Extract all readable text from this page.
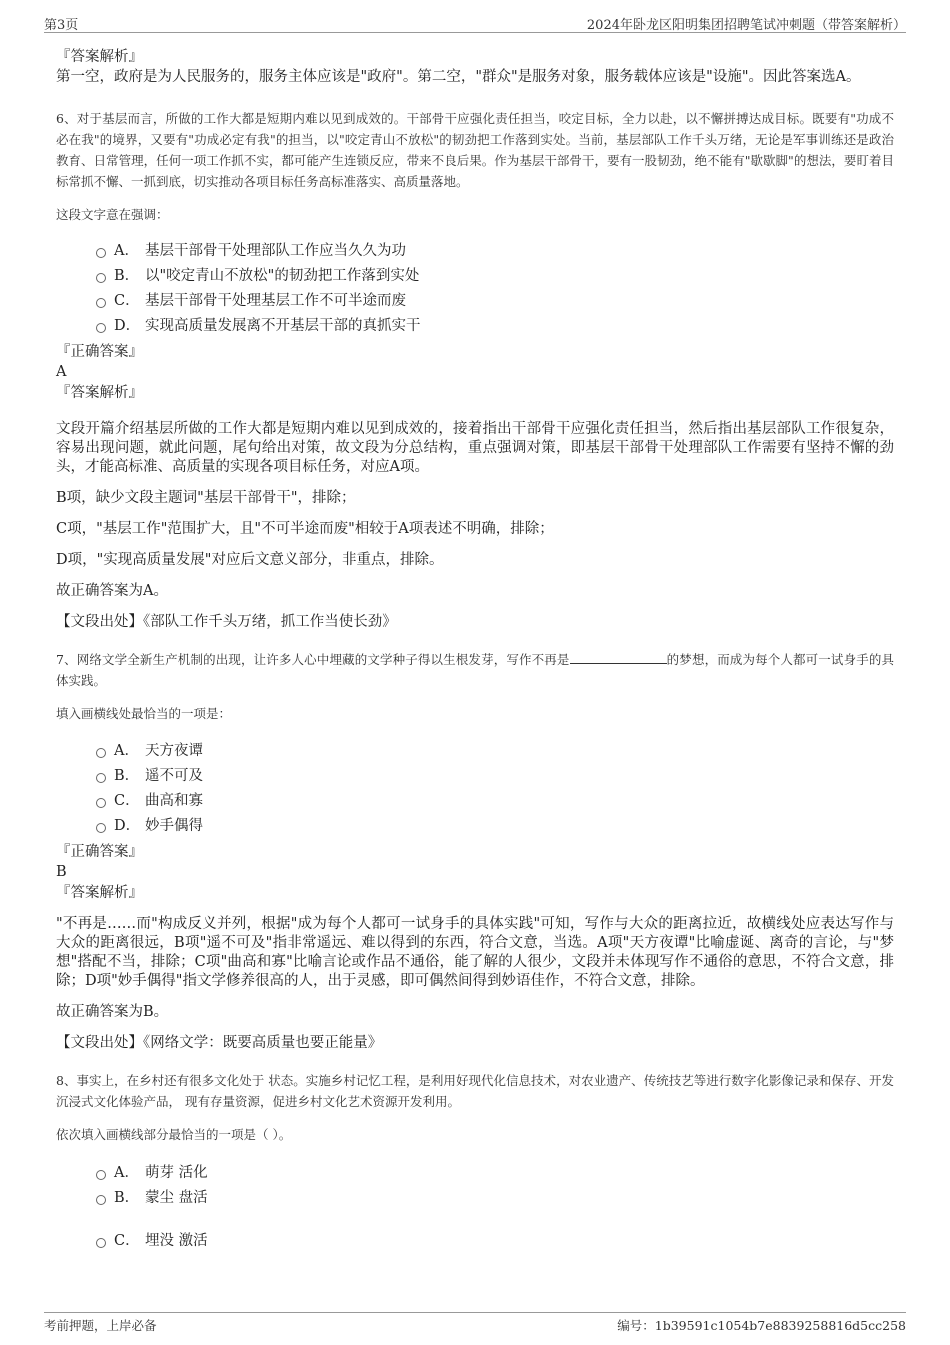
第3页	2024年卧龙区阳明集团招聘笔试冲刺题（带答案解析）
『答案解析』
第一空，政府是为人民服务的，服务主体应该是"政府"。第二空，"群众"是服务对象，服务载体应该是"设施"。因此答案选A。
6、对于基层而言，所做的工作大都是短期内难以见到成效的。干部骨干应强化责任担当，咬定目标，全力以赴，以不懈拼搏达成目标。既要有"功成不必在我"的境界，又要有"功成必定有我"的担当，以"咬定青山不放松"的韧劲把工作落到实处。当前，基层部队工作千头万绪，无论是军事训练还是政治教育、日常管理，任何一项工作抓不实，都可能产生连锁反应，带来不良后果。作为基层干部骨干，要有一股韧劲，绝不能有"歇歇脚"的想法，要盯着目标常抓不懈、一抓到底，切实推动各项目标任务高标准落实、高质量落地。
这段文字意在强调：
A． 基层干部骨干处理部队工作应当久久为功
B． 以"咬定青山不放松"的韧劲把工作落到实处
C． 基层干部骨干处理基层工作不可半途而废
D． 实现高质量发展离不开基层干部的真抓实干
『正确答案』
A
『答案解析』
文段开篇介绍基层所做的工作大都是短期内难以见到成效的，接着指出干部骨干应强化责任担当，然后指出基层部队工作很复杂，容易出现问题，就此问题，尾句给出对策，故文段为分总结构，重点强调对策，即基层干部骨干处理部队工作需要有坚持不懈的劲头，才能高标准、高质量的实现各项目标任务，对应A项。
B项，缺少文段主题词"基层干部骨干"，排除；
C项，"基层工作"范围扩大，且"不可半途而废"相较于A项表述不明确，排除；
D项，"实现高质量发展"对应后文意义部分，非重点，排除。
故正确答案为A。
【文段出处】《部队工作千头万绪，抓工作当使长劲》
7、网络文学全新生产机制的出现，让许多人心中埋藏的文学种子得以生根发芽，写作不再是	的梦想，而成为每个人都可一试身手的具体实践。
填入画横线处最恰当的一项是：
A． 天方夜谭
B． 遥不可及
C． 曲高和寡
D． 妙手偶得
『正确答案』
B
『答案解析』
"不再是……而"构成反义并列，根据"成为每个人都可一试身手的具体实践"可知，写作与大众的距离拉近，故横线处应表达写作与大众的距离很远，B项"遥不可及"指非常遥远、难以得到的东西，符合文意，当选。A项"天方夜谭"比喻虚诞、离奇的言论，与"梦想"搭配不当，排除；C项"曲高和寡"比喻言论或作品不通俗，能了解的人很少，文段并未体现写作不通俗的意思，不符合文意，排除；D项"妙手偶得"指文学修养很高的人，出于灵感，即可偶然间得到妙语佳作，不符合文意，排除。
故正确答案为B。
【文段出处】《网络文学：既要高质量也要正能量》
8、事实上，在乡村还有很多文化处于 状态。实施乡村记忆工程，是利用好现代化信息技术，对农业遗产、传统技艺等进行数字化影像记录和保存、开发沉浸式文化体验产品， 现有存量资源，促进乡村文化艺术资源开发利用。
依次填入画横线部分最恰当的一项是（ ）。
A． 萌芽 活化
B． 蒙尘 盘活
C． 埋没 激活
考前押题，上岸必备	编号：1b39591c1054b7e8839258816d5cc258
